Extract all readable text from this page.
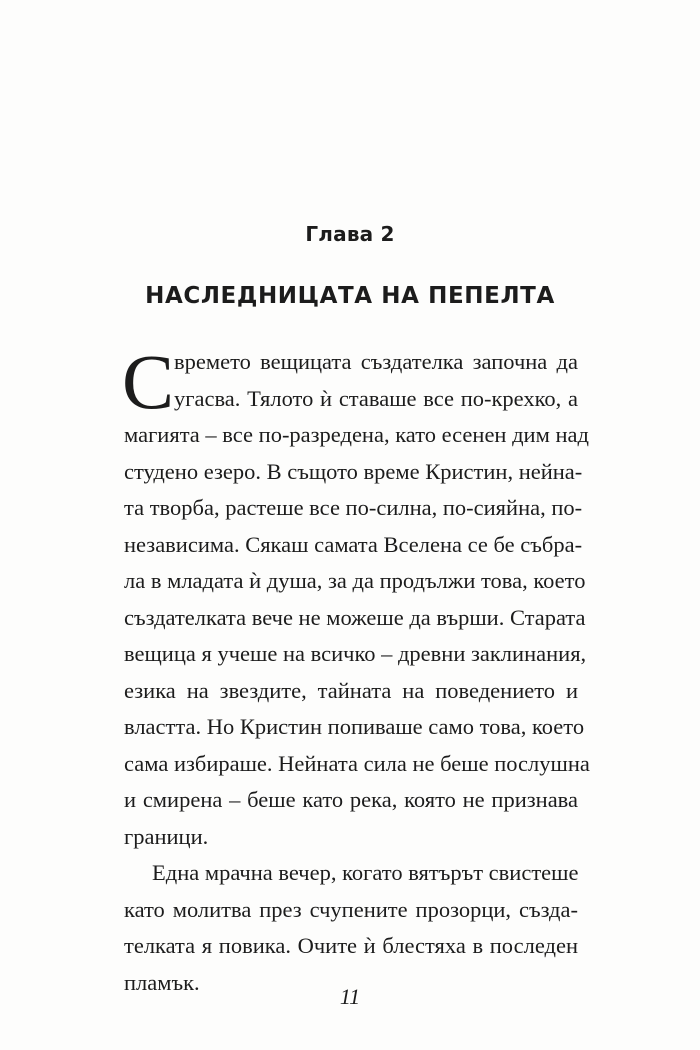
Глава 2
НАСЛЕДНИЦАТА НА ПЕПЕЛТА
С времето вещицата създателка започна да
угасва. Тялото ѝ ставаше все по-крехко, а
магията – все по-разредена, като есенен дим над
студено езеро. В същото време Кристин, нейна-
та творба, растеше все по-силна, по-сияйна, по-
независима. Сякаш самата Вселена се бе събра-
ла в младата ѝ душа, за да продължи това, което
създателката вече не можеше да върши. Старата
вещица я учеше на всичко – древни заклинания,
езика на звездите, тайната на поведението и
властта. Но Кристин попиваше само това, което
сама избираше. Нейната сила не беше послушна
и смирена – беше като река, която не признава
граници.
Една мрачна вечер, когато вятърът свистеше
като молитва през счупените прозорци, създа-
телката я повика. Очите ѝ блестяха в последен
пламък.
11
